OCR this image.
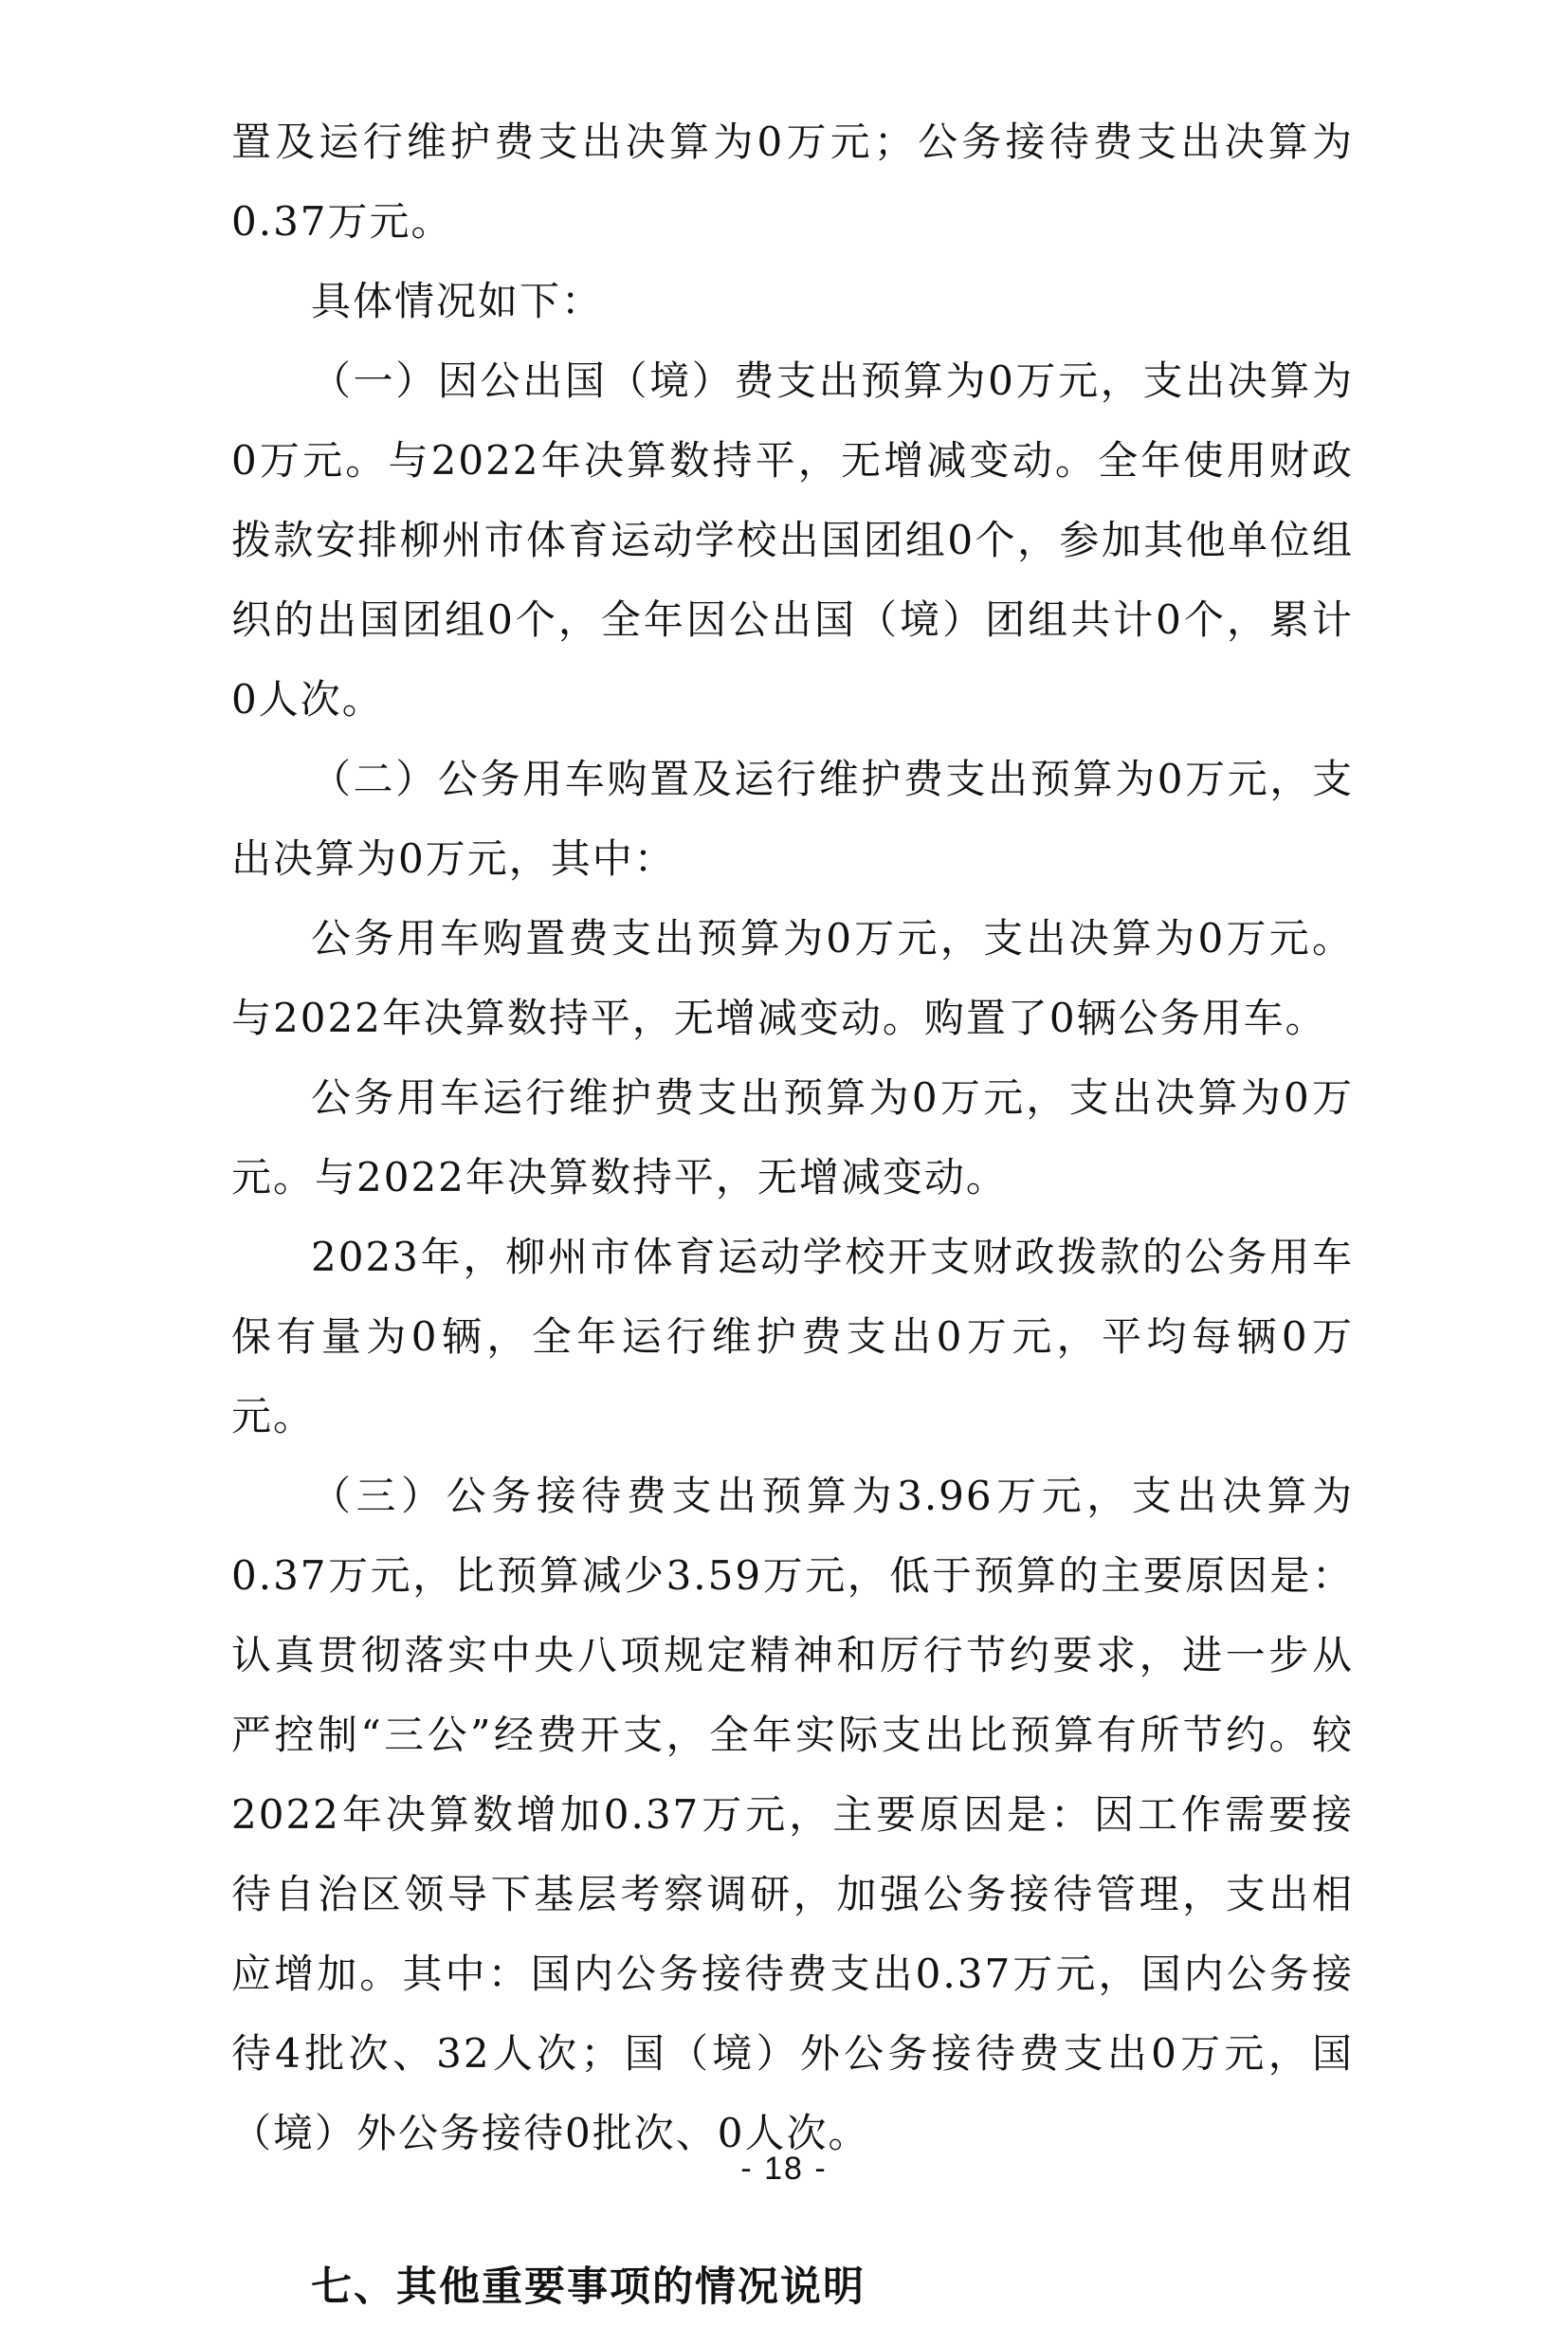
置及运行维护费支出决算为0万元；公务接待费支出决算为0.37万元。

具体情况如下：

（一）因公出国（境）费支出预算为0万元，支出决算为0万元。与2022年决算数持平，无增减变动。全年使用财政拨款安排柳州市体育运动学校出国团组0个，参加其他单位组织的出国团组0个，全年因公出国（境）团组共计0个，累计0人次。

（二）公务用车购置及运行维护费支出预算为0万元，支出决算为0万元，其中：

公务用车购置费支出预算为0万元，支出决算为0万元。与2022年决算数持平，无增减变动。购置了0辆公务用车。

公务用车运行维护费支出预算为0万元，支出决算为0万元。与2022年决算数持平，无增减变动。

2023年，柳州市体育运动学校开支财政拨款的公务用车保有量为0辆，全年运行维护费支出0万元，平均每辆0万元。

（三）公务接待费支出预算为3.96万元，支出决算为0.37万元，比预算减少3.59万元，低于预算的主要原因是：认真贯彻落实中央八项规定精神和厉行节约要求，进一步从严控制“三公”经费开支，全年实际支出比预算有所节约。较2022年决算数增加0.37万元，主要原因是：因工作需要接待自治区领导下基层考察调研，加强公务接待管理，支出相应增加。其中：国内公务接待费支出0.37万元，国内公务接待4批次、32人次；国（境）外公务接待费支出0万元，国（境）外公务接待0批次、0人次。

七、其他重要事项的情况说明
- 18 -
